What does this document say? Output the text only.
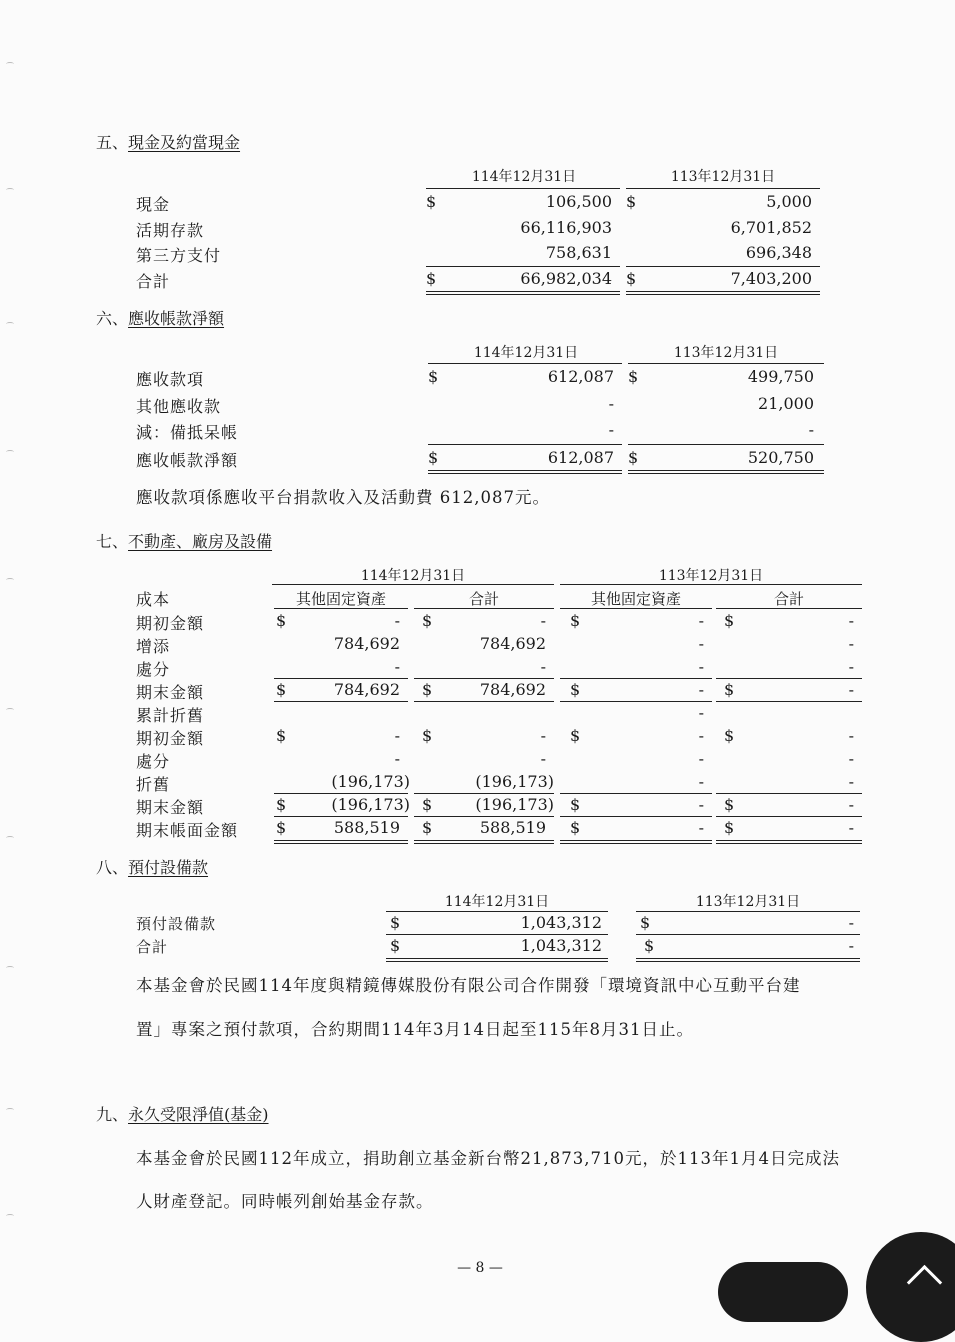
五、現金及約當現金
114年12月31日	113年12月31日
現金	$	106,500 $	5,000
活期存款	66,116,903	6,701,852
第三方支付	758,631	696,348
合計	$	66,982,034 $	7,403,200
六、應收帳款淨額
114年12月31日	113年12月31日
應收款項	$	612,087 $	499,750
其他應收款	-	21,000
減：備抵呆帳	-	-
應收帳款淨額	$	612,087 $	520,750
應收款項係應收平台捐款收入及活動費 612,087元。
七、不動產、廠房及設備
114年12月31日	113年12月31日
成本	其他固定資產	合計	其他固定資產	合計
期初金額	$	- $	- $	- $	-
增添	784,692	784,692	-	-
處分	-	-	-	-
期末金額	$	784,692 $	784,692 $	- $	-
累計折舊	-
期初金額	$	- $	- $	- $	-
處分	-	-	-	-
折舊	(196,173)	(196,173)	-	-
期末金額	$	(196,173) $	(196,173) $	- $	-
期末帳面金額 $	588,519 $	588,519 $	- $	-
八、預付設備款
114年12月31日	113年12月31日
預付設備款	$	1,043,312 $	-
合計	$	1,043,312	$	-
本基金會於民國114年度與精鏡傳媒股份有限公司合作開發「環境資訊中心互動平台建
置」專案之預付款項，合約期間114年3月14日起至115年8月31日止。
九、永久受限淨值(基金)
本基金會於民國112年成立，捐助創立基金新台幣21,873,710元，於113年1月4日完成法
人財產登記。同時帳列創始基金存款。
— 8 —
